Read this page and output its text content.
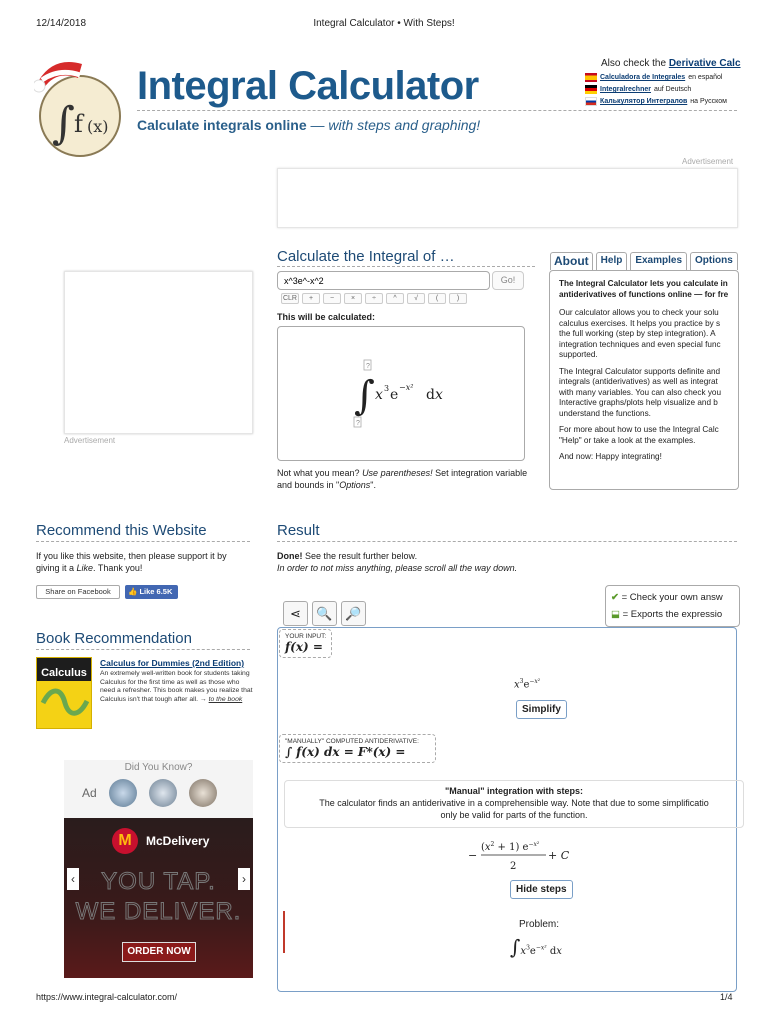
12/14/2018	Integral Calculator • With Steps!
∫ f (x)
Integral Calculator
Calculate integrals online — with steps and graphing!
Also check the Derivative Calc
Calculadora de Integrales en español
Integralrechner auf Deutsch
Калькулятор Интегралов на Русском
Advertisement
Advertisement
Calculate the Integral of …
x^3e^-x^2
Go!
CLR	+	−	×	÷	^	√	(	)
This will be calculated:
?
∫
?
x 3 e −x² d x
Not what you mean? Use parentheses! Set integration variable and bounds in "Options".
About	Help	Examples	Options

The Integral Calculator lets you calculate in
antiderivatives of functions online — for fre

Our calculator allows you to check your solu
calculus exercises. It helps you practice by s
the full working (step by step integration). A
integration techniques and even special func
supported.

The Integral Calculator supports definite and
integrals (antiderivatives) as well as integrat
with many variables. You can also check you
Interactive graphs/plots help visualize and b
understand the functions.

For more about how to use the Integral Calc
"Help" or take a look at the examples.

And now: Happy integrating!

Recommend this Website
If you like this website, then please support it by giving it a Like. Thank you!
Share on Facebook	👍 Like 6.5K
Book Recommendation
Calculus
Calculus for Dummies (2nd Edition)
An extremely well-written book for students taking Calculus for the first time as well as those who need a refresher. This book makes you realize that Calculus isn't that tough after all. → to the book
Did You Know?
Ad
M	McDelivery
YOU TAP.
WE DELIVER.
ORDER NOW
‹	›
Result
Done! See the result further below.
In order to not miss anything, please scroll all the way down.
✔ = Check your own answ
⬓ = Exports the expressio
⋖	🔍 🔎
YOUR INPUT:
f(x) =
$x^3e^{-x^2}$
Simplify
"MANUALLY" COMPUTED ANTIDERIVATIVE:
∫ f(x) dx = F*(x) =
"Manual" integration with steps:
The calculator finds an antiderivative in a comprehensible way. Note that due to some simplificatio
only be valid for parts of the function.
−
$(x^2 + 1)$ $e^{-x^2}$
2
+ C
Hide steps
Problem:
$\int x^3e^{-x^2}$ dx
https://www.integral-calculator.com/	1/4
